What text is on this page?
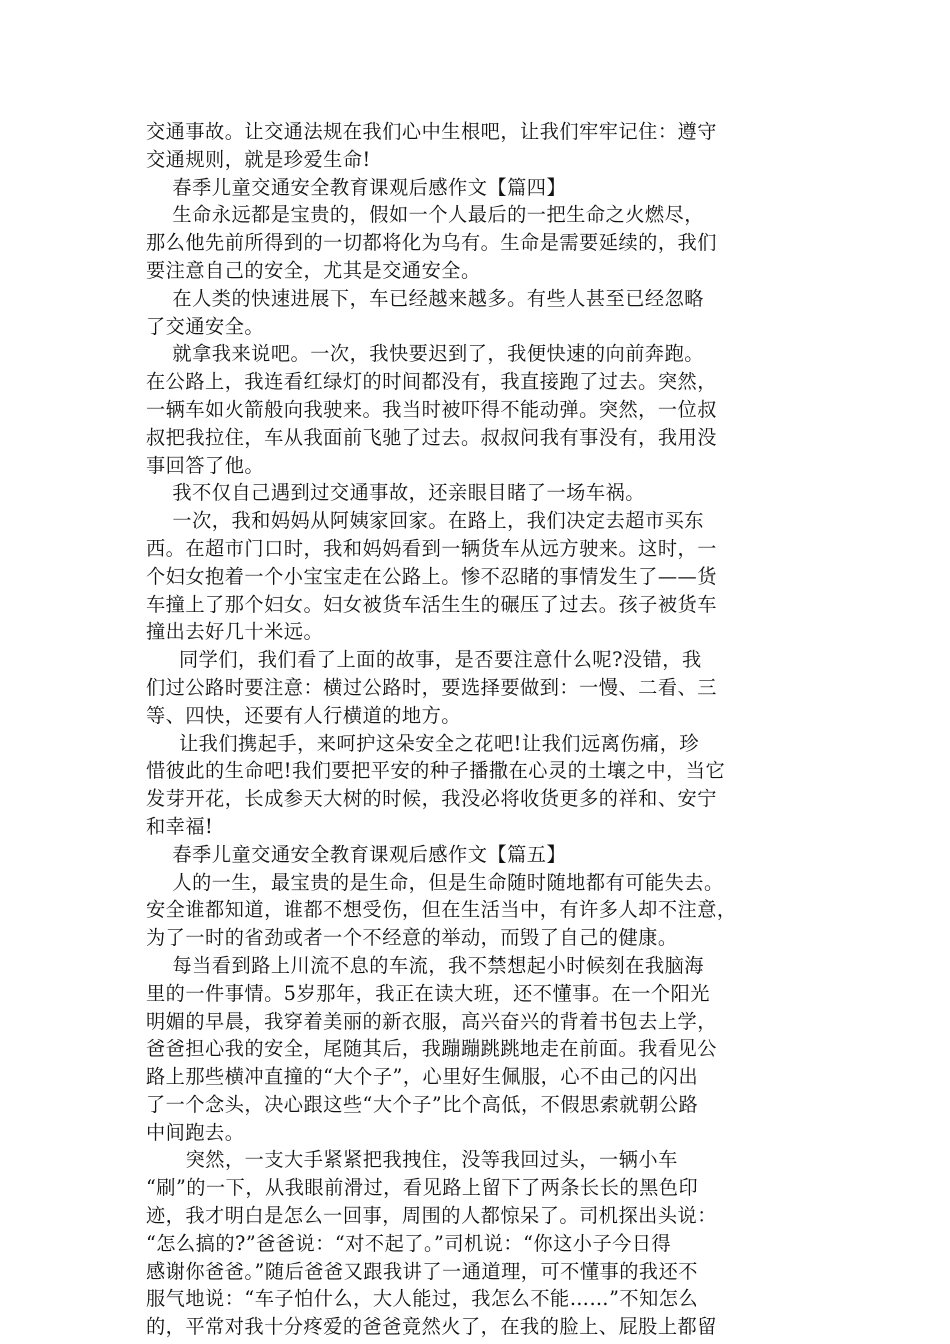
交通事故。让交通法规在我们心中生根吧，让我们牢牢记住：遵守
交通规则，就是珍爱生命!
春季儿童交通安全教育课观后感作文【篇四】
生命永远都是宝贵的，假如一个人最后的一把生命之火燃尽，
那么他先前所得到的一切都将化为乌有。生命是需要延续的，我们
要注意自己的安全，尤其是交通安全。
在人类的快速进展下，车已经越来越多。有些人甚至已经忽略
了交通安全。
就拿我来说吧。一次，我快要迟到了，我便快速的向前奔跑。
在公路上，我连看红绿灯的时间都没有，我直接跑了过去。突然，
一辆车如火箭般向我驶来。我当时被吓得不能动弹。突然，一位叔
叔把我拉住，车从我面前飞驰了过去。叔叔问我有事没有，我用没
事回答了他。
我不仅自己遇到过交通事故，还亲眼目睹了一场车祸。
一次，我和妈妈从阿姨家回家。在路上，我们决定去超市买东
西。在超市门口时，我和妈妈看到一辆货车从远方驶来。这时，一
个妇女抱着一个小宝宝走在公路上。惨不忍睹的事情发生了——货
车撞上了那个妇女。妇女被货车活生生的碾压了过去。孩子被货车
撞出去好几十米远。
同学们，我们看了上面的故事，是否要注意什么呢?没错，我
们过公路时要注意：横过公路时，要选择要做到：一慢、二看、三
等、四快，还要有人行横道的地方。
让我们携起手，来呵护这朵安全之花吧!让我们远离伤痛，珍
惜彼此的生命吧!我们要把平安的种子播撒在心灵的土壤之中，当它
发芽开花，长成参天大树的时候，我没必将收货更多的祥和、安宁
和幸福!
春季儿童交通安全教育课观后感作文【篇五】
人的一生，最宝贵的是生命，但是生命随时随地都有可能失去。
安全谁都知道，谁都不想受伤，但在生活当中，有许多人却不注意，
为了一时的省劲或者一个不经意的举动，而毁了自己的健康。
每当看到路上川流不息的车流，我不禁想起小时候刻在我脑海
里的一件事情。5岁那年，我正在读大班，还不懂事。在一个阳光
明媚的早晨，我穿着美丽的新衣服，高兴奋兴的背着书包去上学，
爸爸担心我的安全，尾随其后，我蹦蹦跳跳地走在前面。我看见公
路上那些横冲直撞的“大个子”，心里好生佩服，心不由己的闪出
了一个念头，决心跟这些“大个子”比个高低，不假思索就朝公路
中间跑去。
突然，一支大手紧紧把我拽住，没等我回过头，一辆小车
“刷”的一下，从我眼前滑过，看见路上留下了两条长长的黑色印
迹，我才明白是怎么一回事，周围的人都惊呆了。司机探出头说：
“怎么搞的?”爸爸说：“对不起了。”司机说：“你这小子今日得
感谢你爸爸。”随后爸爸又跟我讲了一通道理，可不懂事的我还不
服气地说：“车子怕什么，大人能过，我怎么不能……”不知怎么
的，平常对我十分疼爱的爸爸竟然火了，在我的脸上、屁股上都留
